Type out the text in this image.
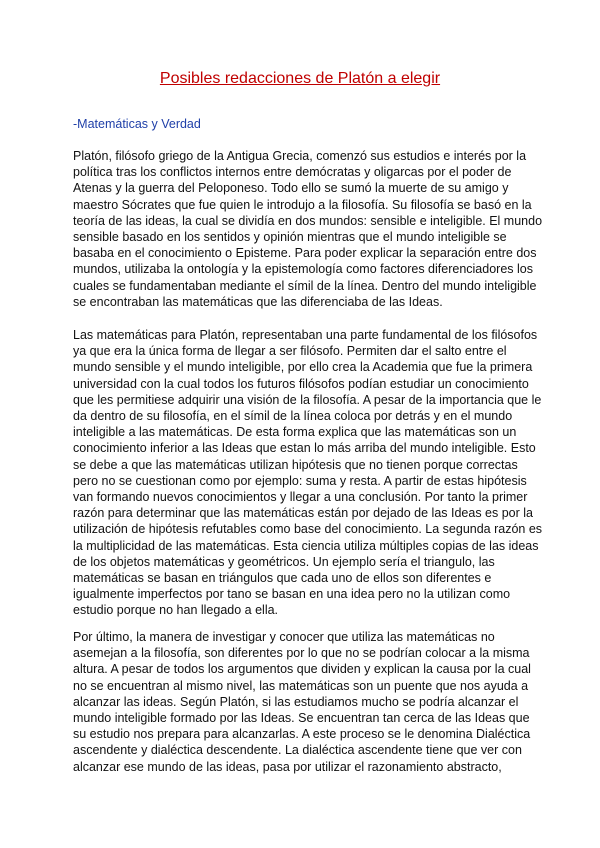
Posibles redacciones de Platón a elegir

-Matemáticas y Verdad

Platón, filósofo griego de la Antigua Grecia, comenzó sus estudios e interés por la
política tras los conflictos internos entre demócratas y oligarcas por el poder de
Atenas y la guerra del Peloponeso. Todo ello se sumó la muerte de su amigo y
maestro Sócrates que fue quien le introdujo a la filosofía. Su filosofía se basó en la
teoría de las ideas, la cual se dividía en dos mundos: sensible e inteligible. El mundo
sensible basado en los sentidos y opinión mientras que el mundo inteligible se
basaba en el conocimiento o Episteme. Para poder explicar la separación entre dos
mundos, utilizaba la ontología y la epistemología como factores diferenciadores los
cuales se fundamentaban mediante el símil de la línea. Dentro del mundo inteligible
se encontraban las matemáticas que las diferenciaba de las Ideas.
Las matemáticas para Platón, representaban una parte fundamental de los filósofos
ya que era la única forma de llegar a ser filósofo. Permiten dar el salto entre el
mundo sensible y el mundo inteligible, por ello crea la Academia que fue la primera
universidad con la cual todos los futuros filósofos podían estudiar un conocimiento
que les permitiese adquirir una visión de la filosofía. A pesar de la importancia que le
da dentro de su filosofía, en el símil de la línea coloca por detrás y en el mundo
inteligible a las matemáticas. De esta forma explica que las matemáticas son un
conocimiento inferior a las Ideas que estan lo más arriba del mundo inteligible. Esto
se debe a que las matemáticas utilizan hipótesis que no tienen porque correctas
pero no se cuestionan como por ejemplo: suma y resta. A partir de estas hipótesis
van formando nuevos conocimientos y llegar a una conclusión. Por tanto la primer
razón para determinar que las matemáticas están por dejado de las Ideas es por la
utilización de hipótesis refutables como base del conocimiento. La segunda razón es
la multiplicidad de las matemáticas. Esta ciencia utiliza múltiples copias de las ideas
de los objetos matemáticas y geométricos. Un ejemplo sería el triangulo, las
matemáticas se basan en triángulos que cada uno de ellos son diferentes e
igualmente imperfectos por tano se basan en una idea pero no la utilizan como
estudio porque no han llegado a ella.
Por último, la manera de investigar y conocer que utiliza las matemáticas no
asemejan a la filosofía, son diferentes por lo que no se podrían colocar a la misma
altura. A pesar de todos los argumentos que dividen y explican la causa por la cual
no se encuentran al mismo nivel, las matemáticas son un puente que nos ayuda a
alcanzar las ideas. Según Platón, si las estudiamos mucho se podría alcanzar el
mundo inteligible formado por las Ideas. Se encuentran tan cerca de las Ideas que
su estudio nos prepara para alcanzarlas. A este proceso se le denomina Dialéctica
ascendente y dialéctica descendente. La dialéctica ascendente tiene que ver con
alcanzar ese mundo de las ideas, pasa por utilizar el razonamiento abstracto,
